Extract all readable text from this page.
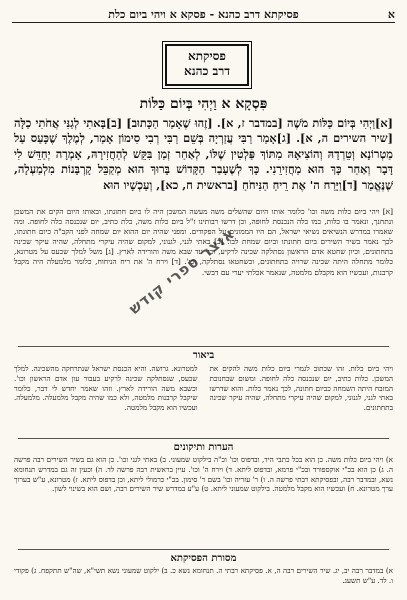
א
פסיקתא דרב כהנא - פסקא א ויהי ביום כלת
פסיקתא
דרב כהנא
פִּסְקָא א וַיְהִי בְּיוֹם כַּלּוֹת

[א]וַיְהִי בְּיוֹם כַּלּוֹת מֹשֶׁה [במדבר ז, א]. [זֶהוּ שֶׁאָמַר הַכָּתוּב] [ב]בָּאתִי לְגַנִּי אֲחֹתִי כַלָּה [שיר השירים ה, א]. [ג]אָמַר רַבִּי עֲזַרְיָה בְּשֵׁם רַבִּי רְבִי סִימוֹן אָמַר, לְמֶלֶךְ שֶׁכָּעַס עַל מַטְרוֹנָא וְטֵרְדָהּ וְהוֹצִיאָהּ מִתּוֹךְ פַּלְטִין שֶׁלּוֹ, לְאַחַר זְמַן בִּקֵּשׁ לְהַחֲזִירָהּ, אָמְרָה יְחַדֵּשׁ לִי דָּבָר וְאַחַר כָּךְ הוּא מַחֲזִירֵנִי. כָּךְ לְשֶׁעָבַר הַקָּדוֹשׁ בָּרוּךְ הוּא מְקַבֵּל קָרְבָּנוֹת מִלְמַעְלָה, שֶׁנֶּאֱמַר [ד]וַיָּרַח ה' אֶת רֵיחַ הַנִּיחֹחַ [בראשית ח, כא], וְעַכְשָׁיו הוּא

[א] ויהי ביום כלות משה וכו' כלומר אותו היום שהשלים משה מעשה המשכן היה לו כיום חתונתו, ובאותו היום הקים את המשכן ונתחנך, ונאמר בו כלות, כמו כלה הנכנסת לחופה, וכן דרשו רבותינו ז"ל ביום כלות משה, כלת כתיב, יום שנכנסה כלה לחופה. ומה שאמרו במדרש הנשיאים נשיאי ישראל, הם היו הממונים על הפקודים. ומפני שהיה יום ההוא יום שמחה לפני הקב"ה כיום חתונתו, לכך נאמר בשיר השירים ביום חתונתו וביום שמחת לבו. [ב] באתי לגני, לגנוני, למקום שהיה עיקרי מתחלה, שהיה עיקר שכינה בתחתונים, וכיון שחטא אדם הראשון נסתלקה שכינה לרקיע, וכו' עד שבא משה והורידה לארץ. [ג] משל למלך שכעס על מטרונא, כלומר מתחלה היתה שכינה שרויה בתחתונים, וכשחטאו נסתלקה, וכו'. [ד] וירח ה' את ריח הניחוח, כלומר מלמעלה היה מקבל קרבנות, ועכשיו הוא מקבלם מלמטה, שנאמר אכלתי יערי עם דבשי.

אוצר ספרי קודש
ביאור

ויהי ביום כלות. זהו שכתוב לגמרי ביום כלות משה להקים את המשכן. כלות כתיב, יום שנכנסה כלה לחופה. ומשום שבחנוכת המזבח היתה השמחה כביום חתונה, לכך נאמר כלות. והוא שדרשו באתי לגני, לגנוני, למקום שהיה עיקרי מתחלה, שהיה עיקר שכינה בתחתונים.

למטרונא. גרושה. והיא הכנסת ישראל שנתרחקה מהשכינה. למלך שכעס, שנסתלקה שכינה לרקיע בעבור עון אדם הראשון וכו'. וכשבא משה הורידה לארץ. וזהו שאמר יחדש לי דבר, כלומר שיקבל קרבנות מלמטה, ולא כמו שהיה מקבל מלמעלה. מלמעלה. ועכשיו הוא מקבל מלמטה.

הערות ותיקונים

א) ויהי ביום כלות משה. כן הוא בכל כתבי היד, ובדפוס וכו' וכ"ה בילקוט שמעוני. ב) באתי לגני וכו'. כן הוא גם בשיר השירים רבה פרשה ה. ג) כן הוא בכ"י אוקספורד ובכ"י פרמא, ובדפוס ליתא. ד) וירח ה' וכו'. עיין בראשית רבה פרשה לד. ה) וכעין זה גם במדרש תנחומא נשא, ובמדבר רבה, ובפסיקתא רבתי פרשה ה. ו) ר' עזריה וכו' בשם ר' סימון. בכ"י כרמולי ליתא, וכן בדפוס ליתא. ז) מטרונא, ע"ש בערוך ערך מטרונא. ח) ועכשיו הוא מקבל מלמטה. בילקוט שמעוני ליתא. ט) ע"ע במדרש שיר השירים רבה, ושם הוא בשינוי לשון.

מסורת הפסיקתא

א) במדבר רבה יב, יג. שיר השירים רבה ה, א. פסיקתא רבתי ה. תנחומא נשא כ. ב) ילקוט שמעוני נשא תשי"א, שה"ש תתקפח. ג) פקודי ו. לד. ע"ש תשעג.
